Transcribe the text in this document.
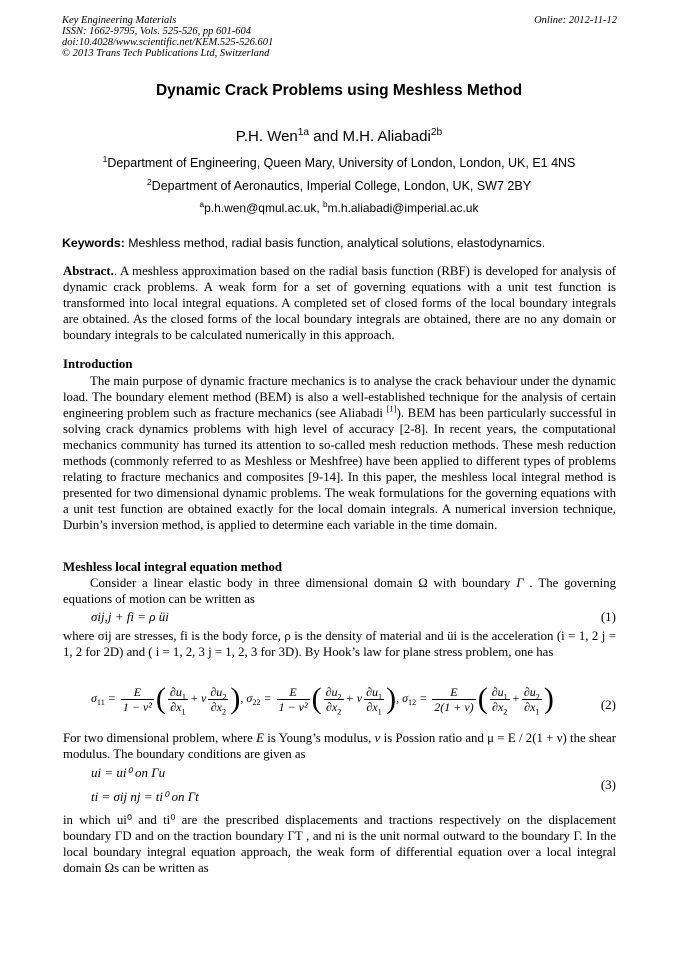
Key Engineering Materials
ISSN: 1662-9795, Vols. 525-526, pp 601-604
doi:10.4028/www.scientific.net/KEM.525-526.601
© 2013 Trans Tech Publications Ltd, Switzerland
Online: 2012-11-12
Dynamic Crack Problems using Meshless Method
P.H. Wen$^{1a}$ and M.H. Aliabadi$^{2b}$
$^1$Department of Engineering, Queen Mary, University of London, London, UK, E1 4NS
$^2$Department of Aeronautics, Imperial College, London, UK, SW7 2BY
$^a$p.h.wen@qmul.ac.uk, $^b$m.h.aliabadi@imperial.ac.uk
Keywords: Meshless method, radial basis function, analytical solutions, elastodynamics.
Abstract.. A meshless approximation based on the radial basis function (RBF) is developed for analysis of dynamic crack problems. A weak form for a set of governing equations with a unit test function is transformed into local integral equations. A completed set of closed forms of the local boundary integrals are obtained. As the closed forms of the local boundary integrals are obtained, there are no any domain or boundary integrals to be calculated numerically in this approach.
Introduction
The main purpose of dynamic fracture mechanics is to analyse the crack behaviour under the dynamic load. The boundary element method (BEM) is also a well-established technique for the analysis of certain engineering problem such as fracture mechanics (see Aliabadi [1]). BEM has been particularly successful in solving crack dynamics problems with high level of accuracy [2-8]. In recent years, the computational mechanics community has turned its attention to so-called mesh reduction methods. These mesh reduction methods (commonly referred to as Meshless or Meshfree) have been applied to different types of problems relating to fracture mechanics and composites [9-14]. In this paper, the meshless local integral method is presented for two dimensional dynamic problems. The weak formulations for the governing equations with a unit test function are obtained exactly for the local domain integrals. A numerical inversion technique, Durbin’s inversion method, is applied to determine each variable in the time domain.
Meshless local integral equation method
Consider a linear elastic body in three dimensional domain Ω with boundary Γ . The governing equations of motion can be written as
σij,j + fi = ρ üi	(1)
where σij are stresses, fi is the body force, ρ is the density of material and üi is the acceleration (i = 1, 2 j = 1, 2 for 2D) and ( i = 1, 2, 3 j = 1, 2, 3 for 3D). By Hook’s law for plane stress problem, one has
$\sigma_{11} = \frac{E}{\text{1 − ν²}}$ ( $\frac{\partial u_1}{\partial x_1} + \nu \frac{\partial u_2}{\partial x_2}$ ), $\sigma_{22} = \frac{E}{\text{1 − ν²}}$ ( $\frac{\partial u_2}{\partial x_2} + \nu \frac{\partial u_1}{\partial x_1}$ ), $\sigma_{12} = \frac{E}{2(1 + \nu)}$ ( $\frac{\partial u_1}{\partial x_2} + \frac{\partial u_2}{\partial x_1}$ )	(2)
For two dimensional problem, where E is Young’s modulus, ν is Possion ratio and μ = E / 2(1 + ν) the shear modulus. The boundary conditions are given as
ui = ui⁰ on Γu
ti = σij nj = ti⁰ on Γt
(3)
in which ui⁰ and ti⁰ are the prescribed displacements and tractions respectively on the displacement boundary ΓD and on the traction boundary ΓT , and ni is the unit normal outward to the boundary Γ. In the local boundary integral equation approach, the weak form of differential equation over a local integral domain Ωs can be written as
